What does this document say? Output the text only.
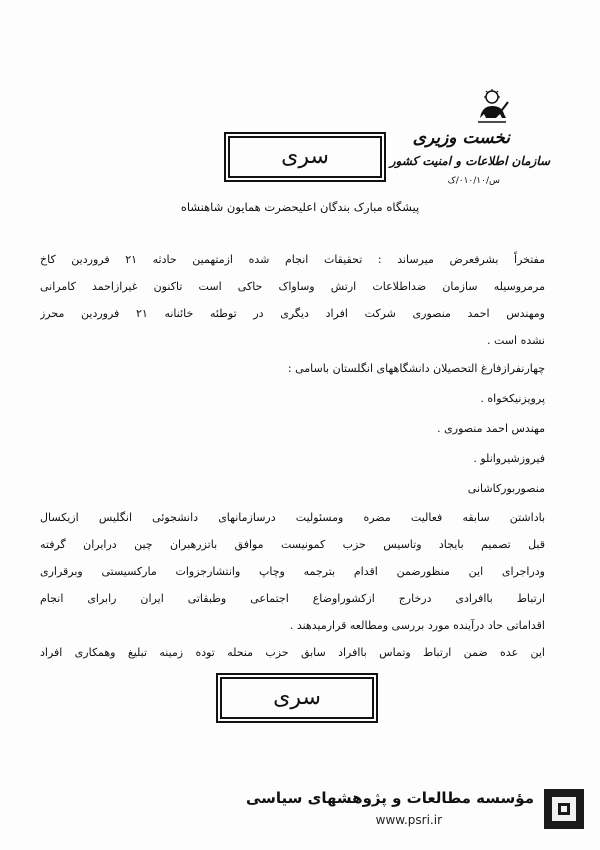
نخست وزیری
سازمان اطلاعات و امنیت کشور
س/۰۱۰/۱۰/ک
سری
پیشگاه مبارک بندگان اعلیحضرت همایون شاهنشاه
مفتخراً بشرفعرض میرساند : تحقیقات انجام شده ازمتهمین حادثه ۲۱ فروردین کاخ
مرمروسیله سازمان ضداطلاعات ارتش وساواک حاکی است تاکنون غیرازاحمد کامرانی
ومهندس احمد منصوری شرکت افراد دیگری در توطئه خائنانه ۲۱ فروردین محرز
نشده است .
چهارنفرازفارغ التحصیلان دانشگاههای انگلستان باسامی :
پرویزنیکخواه .
مهندس احمد منصوری .
فیروزشیروانلو .
منصوربورکاشانی
باداشتن سابقه فعالیت مضره ومسئولیت درسازمانهای دانشجوئی انگلیس ازیکسال
قبل تصمیم بایجاد وتاسیس حزب کمونیست موافق باتزرهبران چین درایران گرفته
ودراجرای این منظورضمن اقدام بترجمه وچاپ وانتشارجزوات مارکسیستی وبرقراری
ارتباط باافرادی درخارج ازکشوراوضاع اجتماعی وطبقاتی ایران رابرای انجام
اقداماتی حاد درآینده مورد بررسی ومطالعه قرارمیدهند .
این عده ضمن ارتباط وتماس باافراد سابق حزب منحله توده زمینه تبلیغ وهمکاری افراد
سری
مؤسسه مطالعات و پژوهشهای سیاسی
www.psri.ir
